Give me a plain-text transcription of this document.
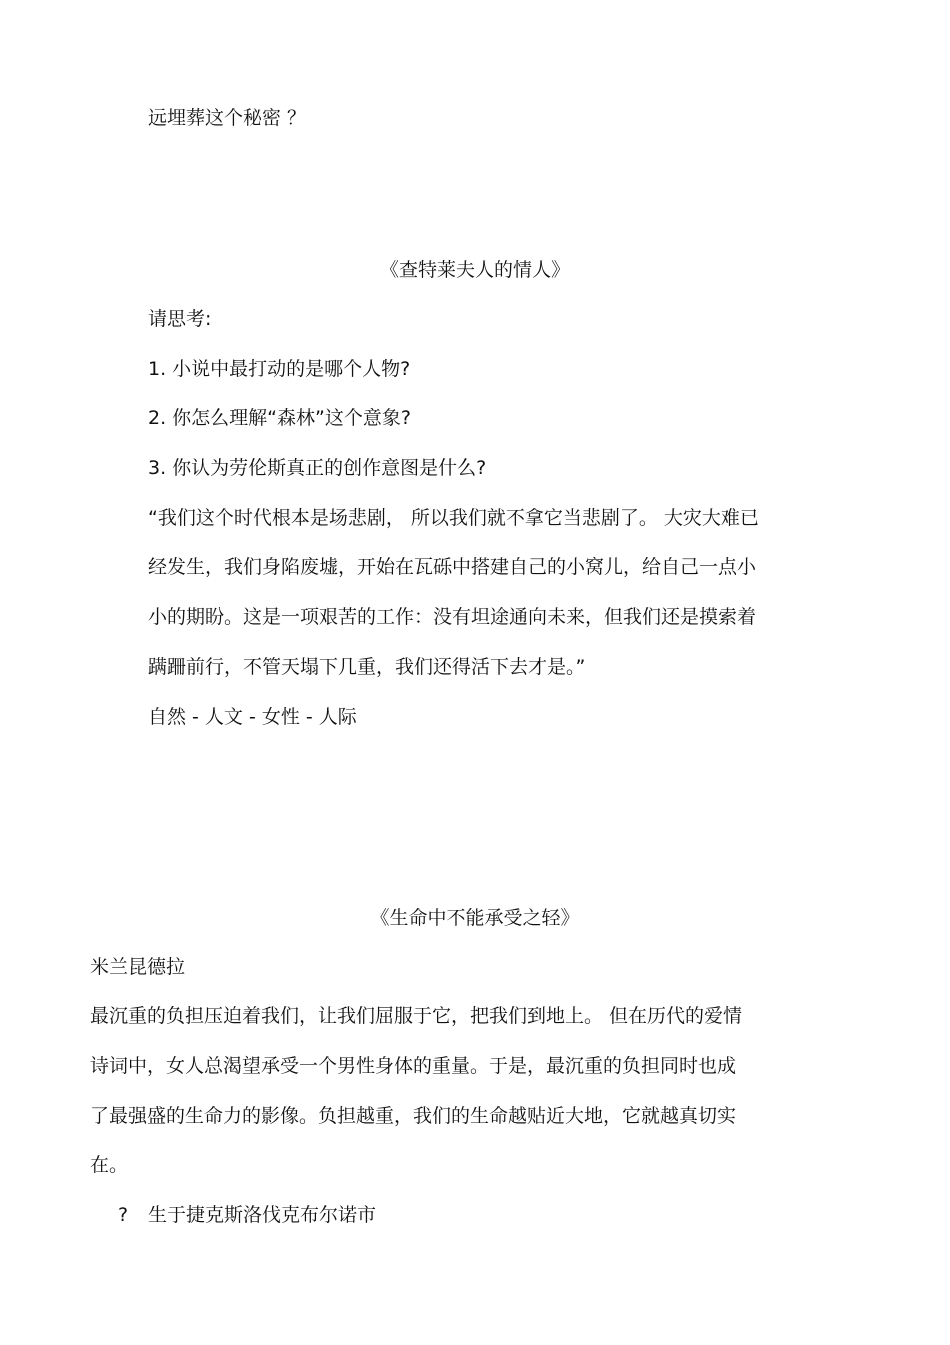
远埋葬这个秘密 ？
《查特莱夫人的情人》
请思考:
1. 小说中最打动的是哪个人物?
2. 你怎么理解“森林”这个意象?
3. 你认为劳伦斯真正的创作意图是什么?
“我们这个时代根本是场悲剧， 所以我们就不拿它当悲剧了。 大灾大难已
经发生，我们身陷废墟，开始在瓦砾中搭建自己的小窝儿，给自己一点小
小的期盼。这是一项艰苦的工作：没有坦途通向未来，但我们还是摸索着
蹒跚前行，不管天塌下几重，我们还得活下去才是。”
自然 - 人文 - 女性 - 人际
《生命中不能承受之轻》
米兰昆德拉
最沉重的负担压迫着我们，让我们屈服于它，把我们到地上。 但在历代的爱情
诗词中，女人总渴望承受一个男性身体的重量。于是，最沉重的负担同时也成
了最强盛的生命力的影像。负担越重，我们的生命越贴近大地，它就越真切实
在。
? 生于捷克斯洛伐克布尔诺市
